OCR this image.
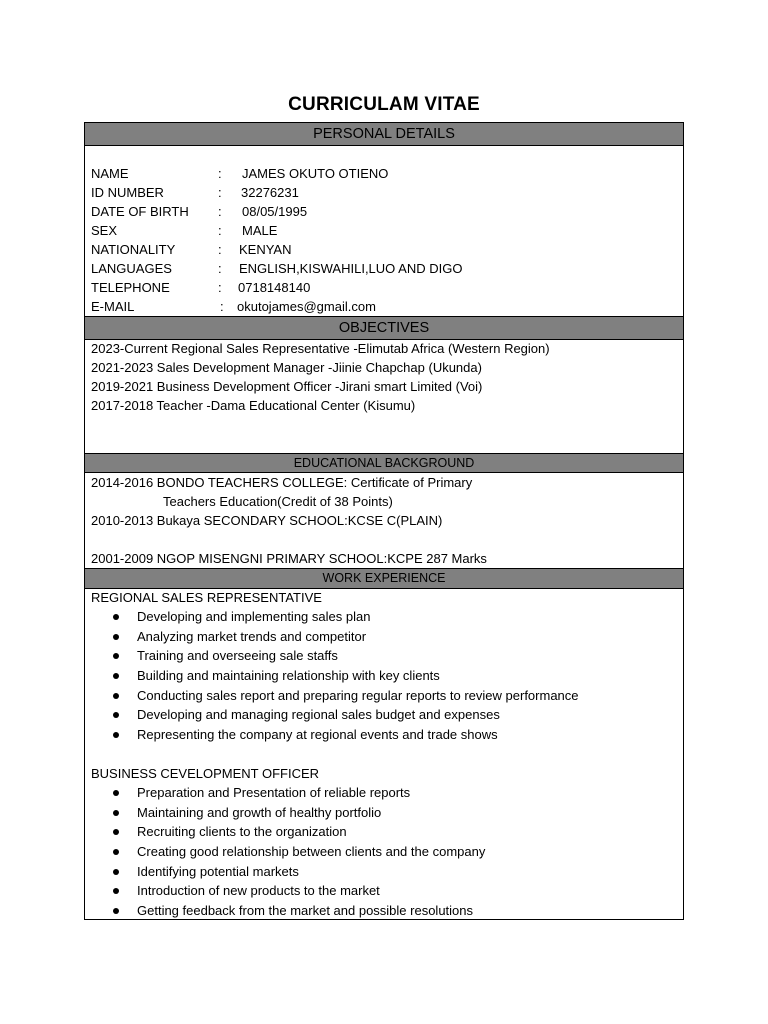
CURRICULAM VITAE
PERSONAL DETAILS
NAME	: JAMES OKUTO OTIENO
ID NUMBER	: 32276231
DATE OF BIRTH : 08/05/1995
SEX	: MALE
NATIONALITY	: KENYAN
LANGUAGES	: ENGLISH,KISWAHILI,LUO AND DIGO
TELEPHONE	: 0718148140
E-MAIL	: okutojames@gmail.com
OBJECTIVES
2023-Current Regional Sales Representative -Elimutab Africa (Western Region)
2021-2023 Sales Development Manager -Jiinie Chapchap (Ukunda)
2019-2021 Business Development Officer -Jirani smart Limited (Voi)
2017-2018 Teacher -Dama Educational Center (Kisumu)
EDUCATIONAL BACKGROUND
2014-2016 BONDO TEACHERS COLLEGE: Certificate of Primary
Teachers Education(Credit of 38 Points)
2010-2013 Bukaya SECONDARY SCHOOL:KCSE C(PLAIN)
2001-2009 NGOP MISENGNI PRIMARY SCHOOL:KCPE 287 Marks
WORK EXPERIENCE
REGIONAL SALES REPRESENTATIVE
Developing and implementing sales plan
Analyzing market trends and competitor
Training and overseeing sale staffs
Building and maintaining relationship with key clients
Conducting sales report and preparing regular reports to review performance
Developing and managing regional sales budget and expenses
Representing the company at regional events and trade shows
BUSINESS CEVELOPMENT OFFICER
Preparation and Presentation of reliable reports
Maintaining and growth of healthy portfolio
Recruiting clients to the organization
Creating good relationship between clients and the company
Identifying potential markets
Introduction of new products to the market
Getting feedback from the market and possible resolutions
